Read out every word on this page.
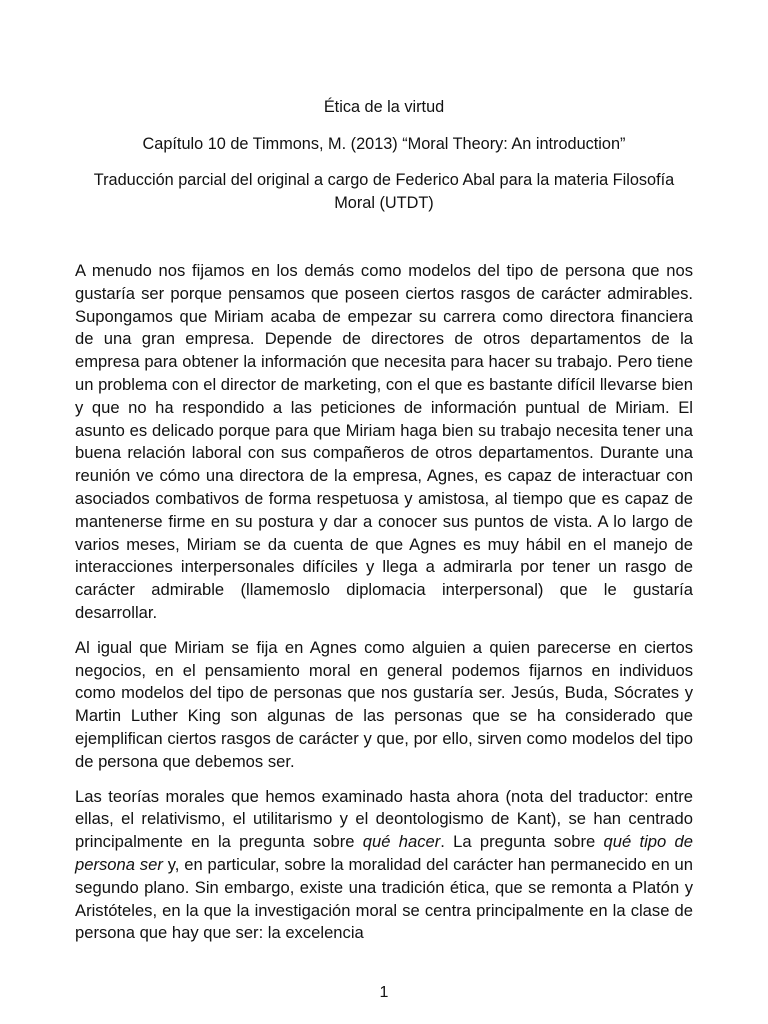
Ética de la virtud
Capítulo 10 de Timmons, M. (2013) “Moral Theory: An introduction”
Traducción parcial del original a cargo de Federico Abal para la materia Filosofía Moral (UTDT)

A menudo nos fijamos en los demás como modelos del tipo de persona que nos gustaría ser porque pensamos que poseen ciertos rasgos de carácter admirables. Supongamos que Miriam acaba de empezar su carrera como directora financiera de una gran empresa. Depende de directores de otros departamentos de la empresa para obtener la información que necesita para hacer su trabajo. Pero tiene un problema con el director de marketing, con el que es bastante difícil llevarse bien y que no ha respondido a las peticiones de información puntual de Miriam. El asunto es delicado porque para que Miriam haga bien su trabajo necesita tener una buena relación laboral con sus compañeros de otros departamentos. Durante una reunión ve cómo una directora de la empresa, Agnes, es capaz de interactuar con asociados combativos de forma respetuosa y amistosa, al tiempo que es capaz de mantenerse firme en su postura y dar a conocer sus puntos de vista. A lo largo de varios meses, Miriam se da cuenta de que Agnes es muy hábil en el manejo de interacciones interpersonales difíciles y llega a admirarla por tener un rasgo de carácter admirable (llamemoslo diplomacia interpersonal) que le gustaría desarrollar.

Al igual que Miriam se fija en Agnes como alguien a quien parecerse en ciertos negocios, en el pensamiento moral en general podemos fijarnos en individuos como modelos del tipo de personas que nos gustaría ser. Jesús, Buda, Sócrates y Martin Luther King son algunas de las personas que se ha considerado que ejemplifican ciertos rasgos de carácter y que, por ello, sirven como modelos del tipo de persona que debemos ser.

Las teorías morales que hemos examinado hasta ahora (nota del traductor: entre ellas, el relativismo, el utilitarismo y el deontologismo de Kant), se han centrado principalmente en la pregunta sobre qué hacer. La pregunta sobre qué tipo de persona ser y, en particular, sobre la moralidad del carácter han permanecido en un segundo plano. Sin embargo, existe una tradición ética, que se remonta a Platón y Aristóteles, en la que la investigación moral se centra principalmente en la clase de persona que hay que ser: la excelencia

1
